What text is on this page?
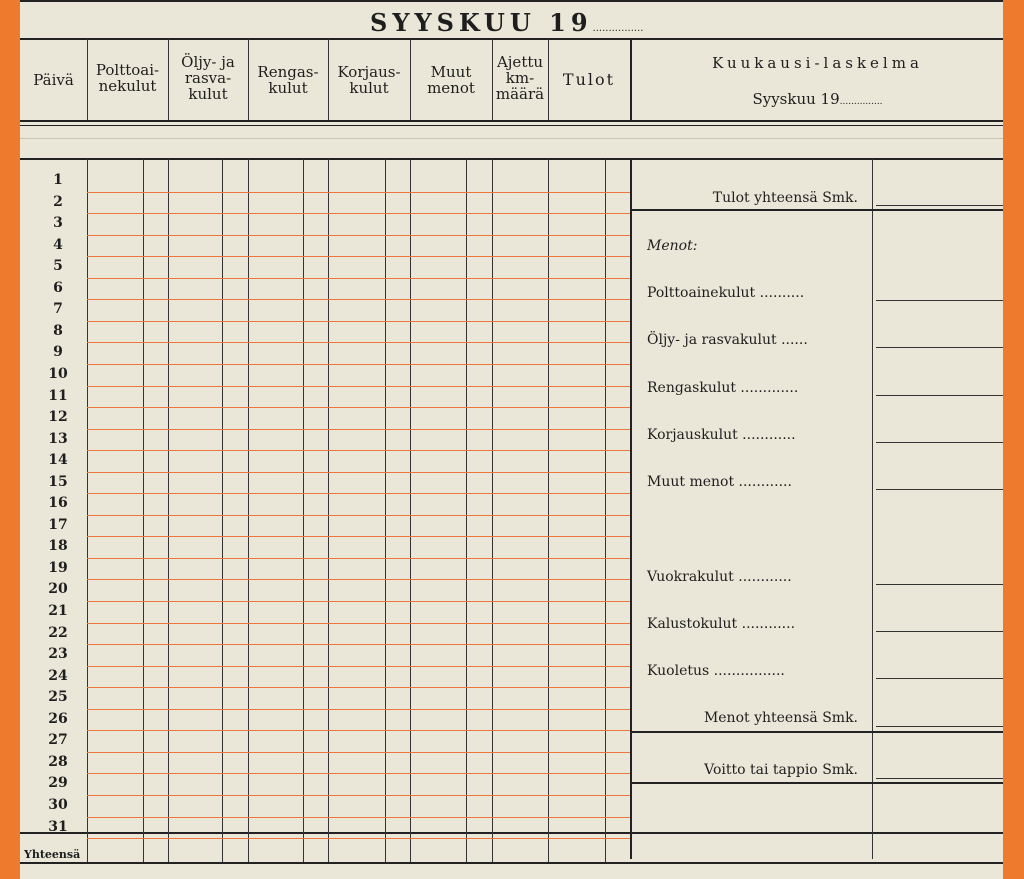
SYYSKUU 19................
Päivä
Polttoai-
nekulut
Öljy- ja
rasva-
kulut
Rengas-
kulut
Korjaus-
kulut
Muut
menot
Ajettu
km-
määrä
Tulot
Kuukausi-laskelma
Syyskuu 19...............
1
2
3
4
5
6
7
8
9
10
11
12
13
14
15
16
17
18
19
20
21
22
23
24
25
26
27
28
29
30
31
Yhteensä
Tulot yhteensä Smk.
Menot:
Polttoainekulut ..........
Öljy- ja rasvakulut ......
Rengaskulut .............
Korjauskulut ............
Muut menot ............
Vuokrakulut ............
Kalustokulut ............
Kuoletus ................
Menot yhteensä Smk.
Voitto tai tappio Smk.
